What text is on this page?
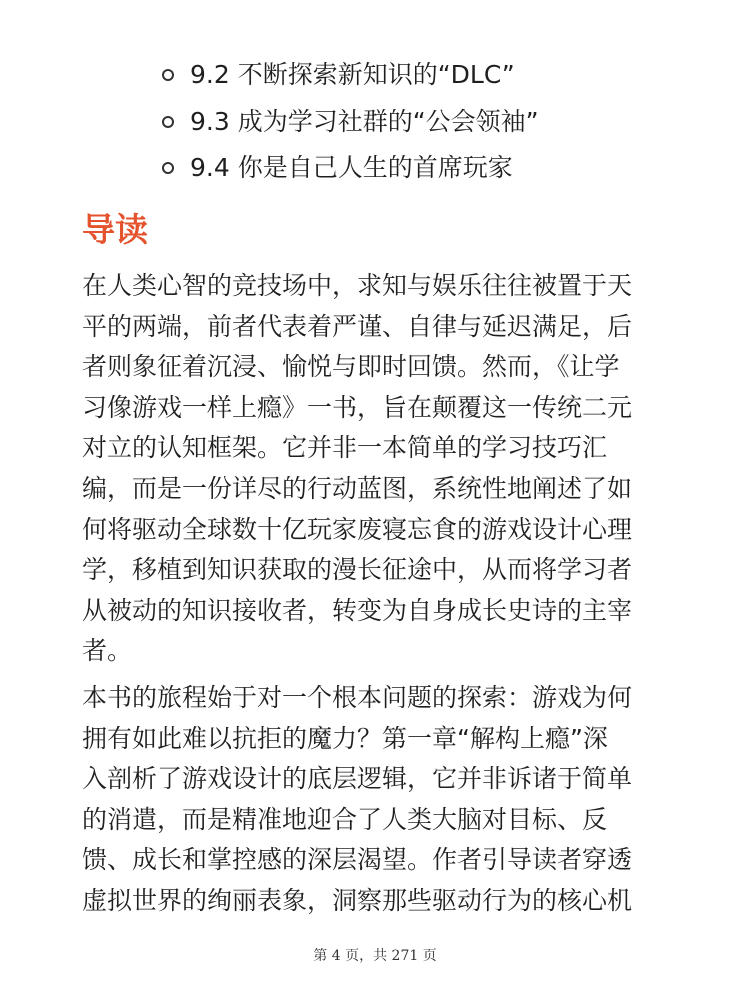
9.2 不断探索新知识的“DLC”
9.3 成为学习社群的“公会领袖”
9.4 你是自己人生的首席玩家
导读

在人类心智的竞技场中，求知与娱乐往往被置于天
平的两端，前者代表着严谨、自律与延迟满足，后
者则象征着沉浸、愉悦与即时回馈。然而，《让学
习像游戏一样上瘾》一书，旨在颠覆这一传统二元
对立的认知框架。它并非一本简单的学习技巧汇
编，而是一份详尽的行动蓝图，系统性地阐述了如
何将驱动全球数十亿玩家废寝忘食的游戏设计心理
学，移植到知识获取的漫长征途中，从而将学习者
从被动的知识接收者，转变为自身成长史诗的主宰
者。

本书的旅程始于对一个根本问题的探索：游戏为何
拥有如此难以抗拒的魔力？第一章“解构上瘾”深
入剖析了游戏设计的底层逻辑，它并非诉诸于简单
的消遣，而是精准地迎合了人类大脑对目标、反
馈、成长和掌控感的深层渴望。作者引导读者穿透
虚拟世界的绚丽表象，洞察那些驱动行为的核心机

第 4 页，共 271 页
